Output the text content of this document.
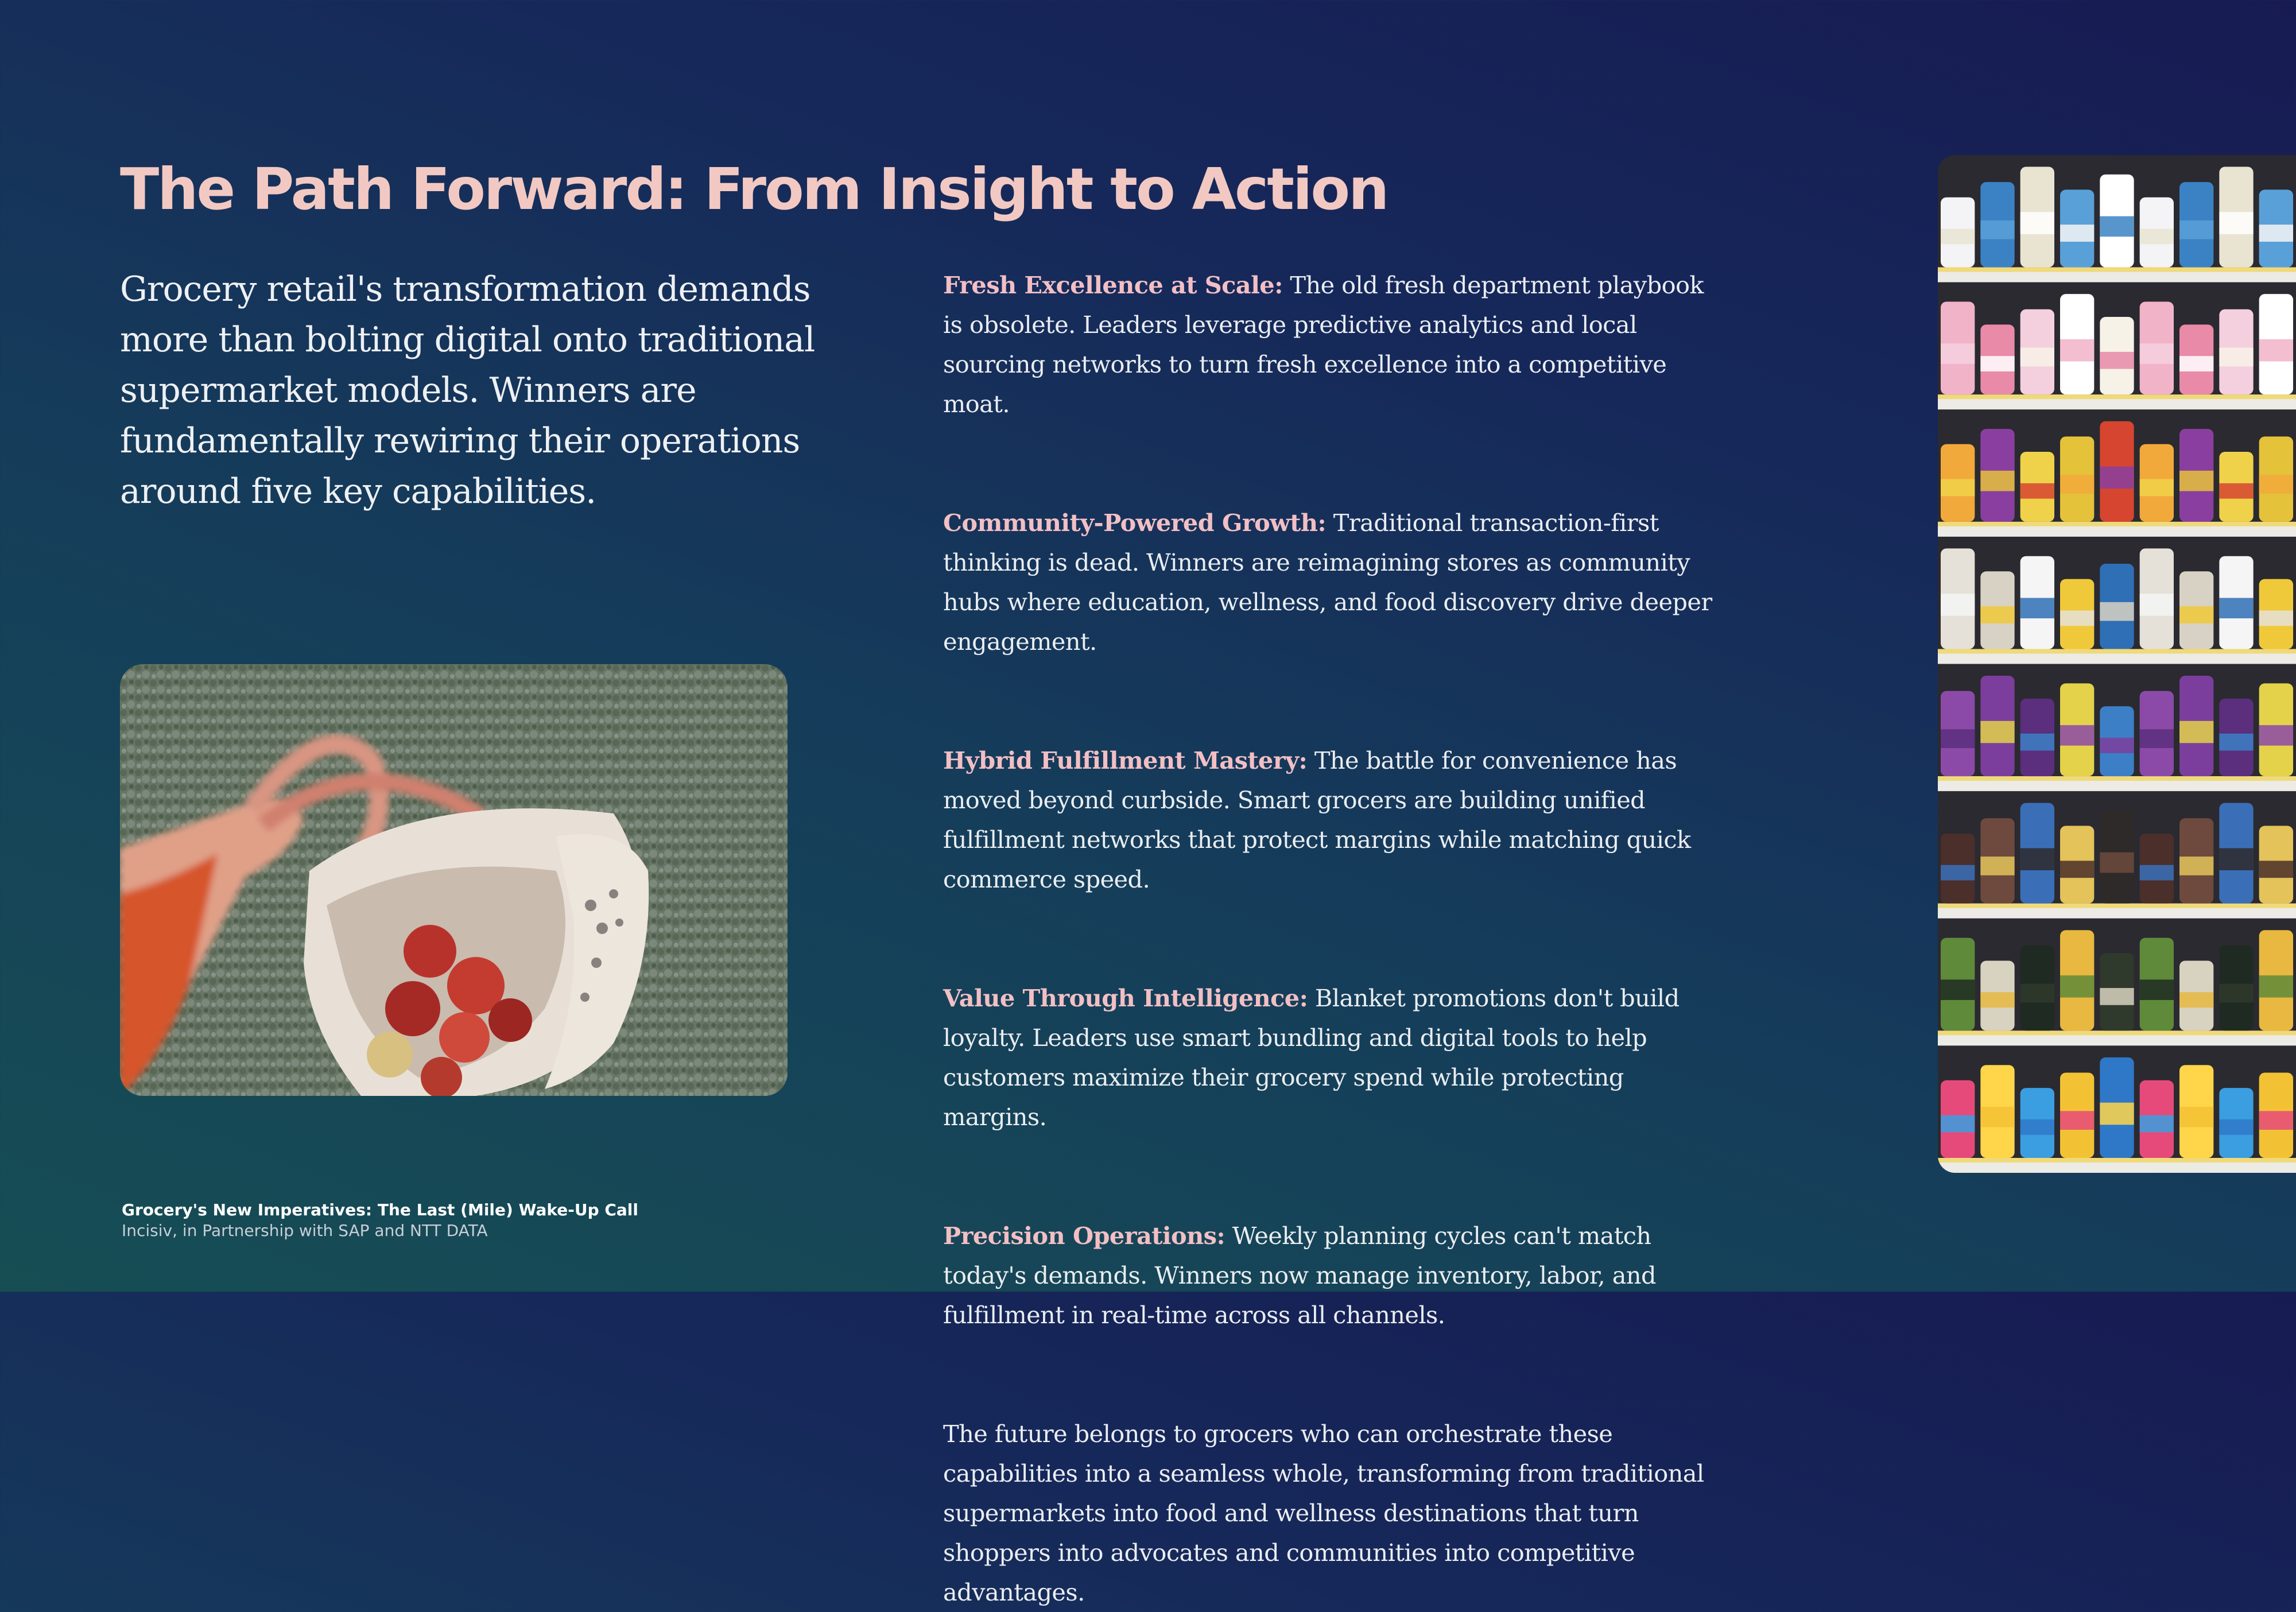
The Path Forward: From Insight to Action

Grocery retail's transformation demands more than bolting digital onto traditional supermarket models. Winners are fundamentally rewiring their operations around five key capabilities.

Fresh Excellence at Scale: The old fresh department playbook is obsolete. Leaders leverage predictive analytics and local sourcing networks to turn fresh excellence into a competitive moat.

Community-Powered Growth: Traditional transaction-first thinking is dead. Winners are reimagining stores as community hubs where education, wellness, and food discovery drive deeper engagement.

Hybrid Fulfillment Mastery: The battle for convenience has moved beyond curbside. Smart grocers are building unified fulfillment networks that protect margins while matching quick commerce speed.

Value Through Intelligence: Blanket promotions don't build loyalty. Leaders use smart bundling and digital tools to help customers maximize their grocery spend while protecting margins.

Precision Operations: Weekly planning cycles can't match today's demands. Winners now manage inventory, labor, and fulfillment in real-time across all channels.

The future belongs to grocers who can orchestrate these capabilities into a seamless whole, transforming from traditional supermarkets into food and wellness destinations that turn shoppers into advocates and communities into competitive advantages.

Grocery's New Imperatives: The Last (Mile) Wake-Up Call
Incisiv, in Partnership with SAP and NTT DATA
